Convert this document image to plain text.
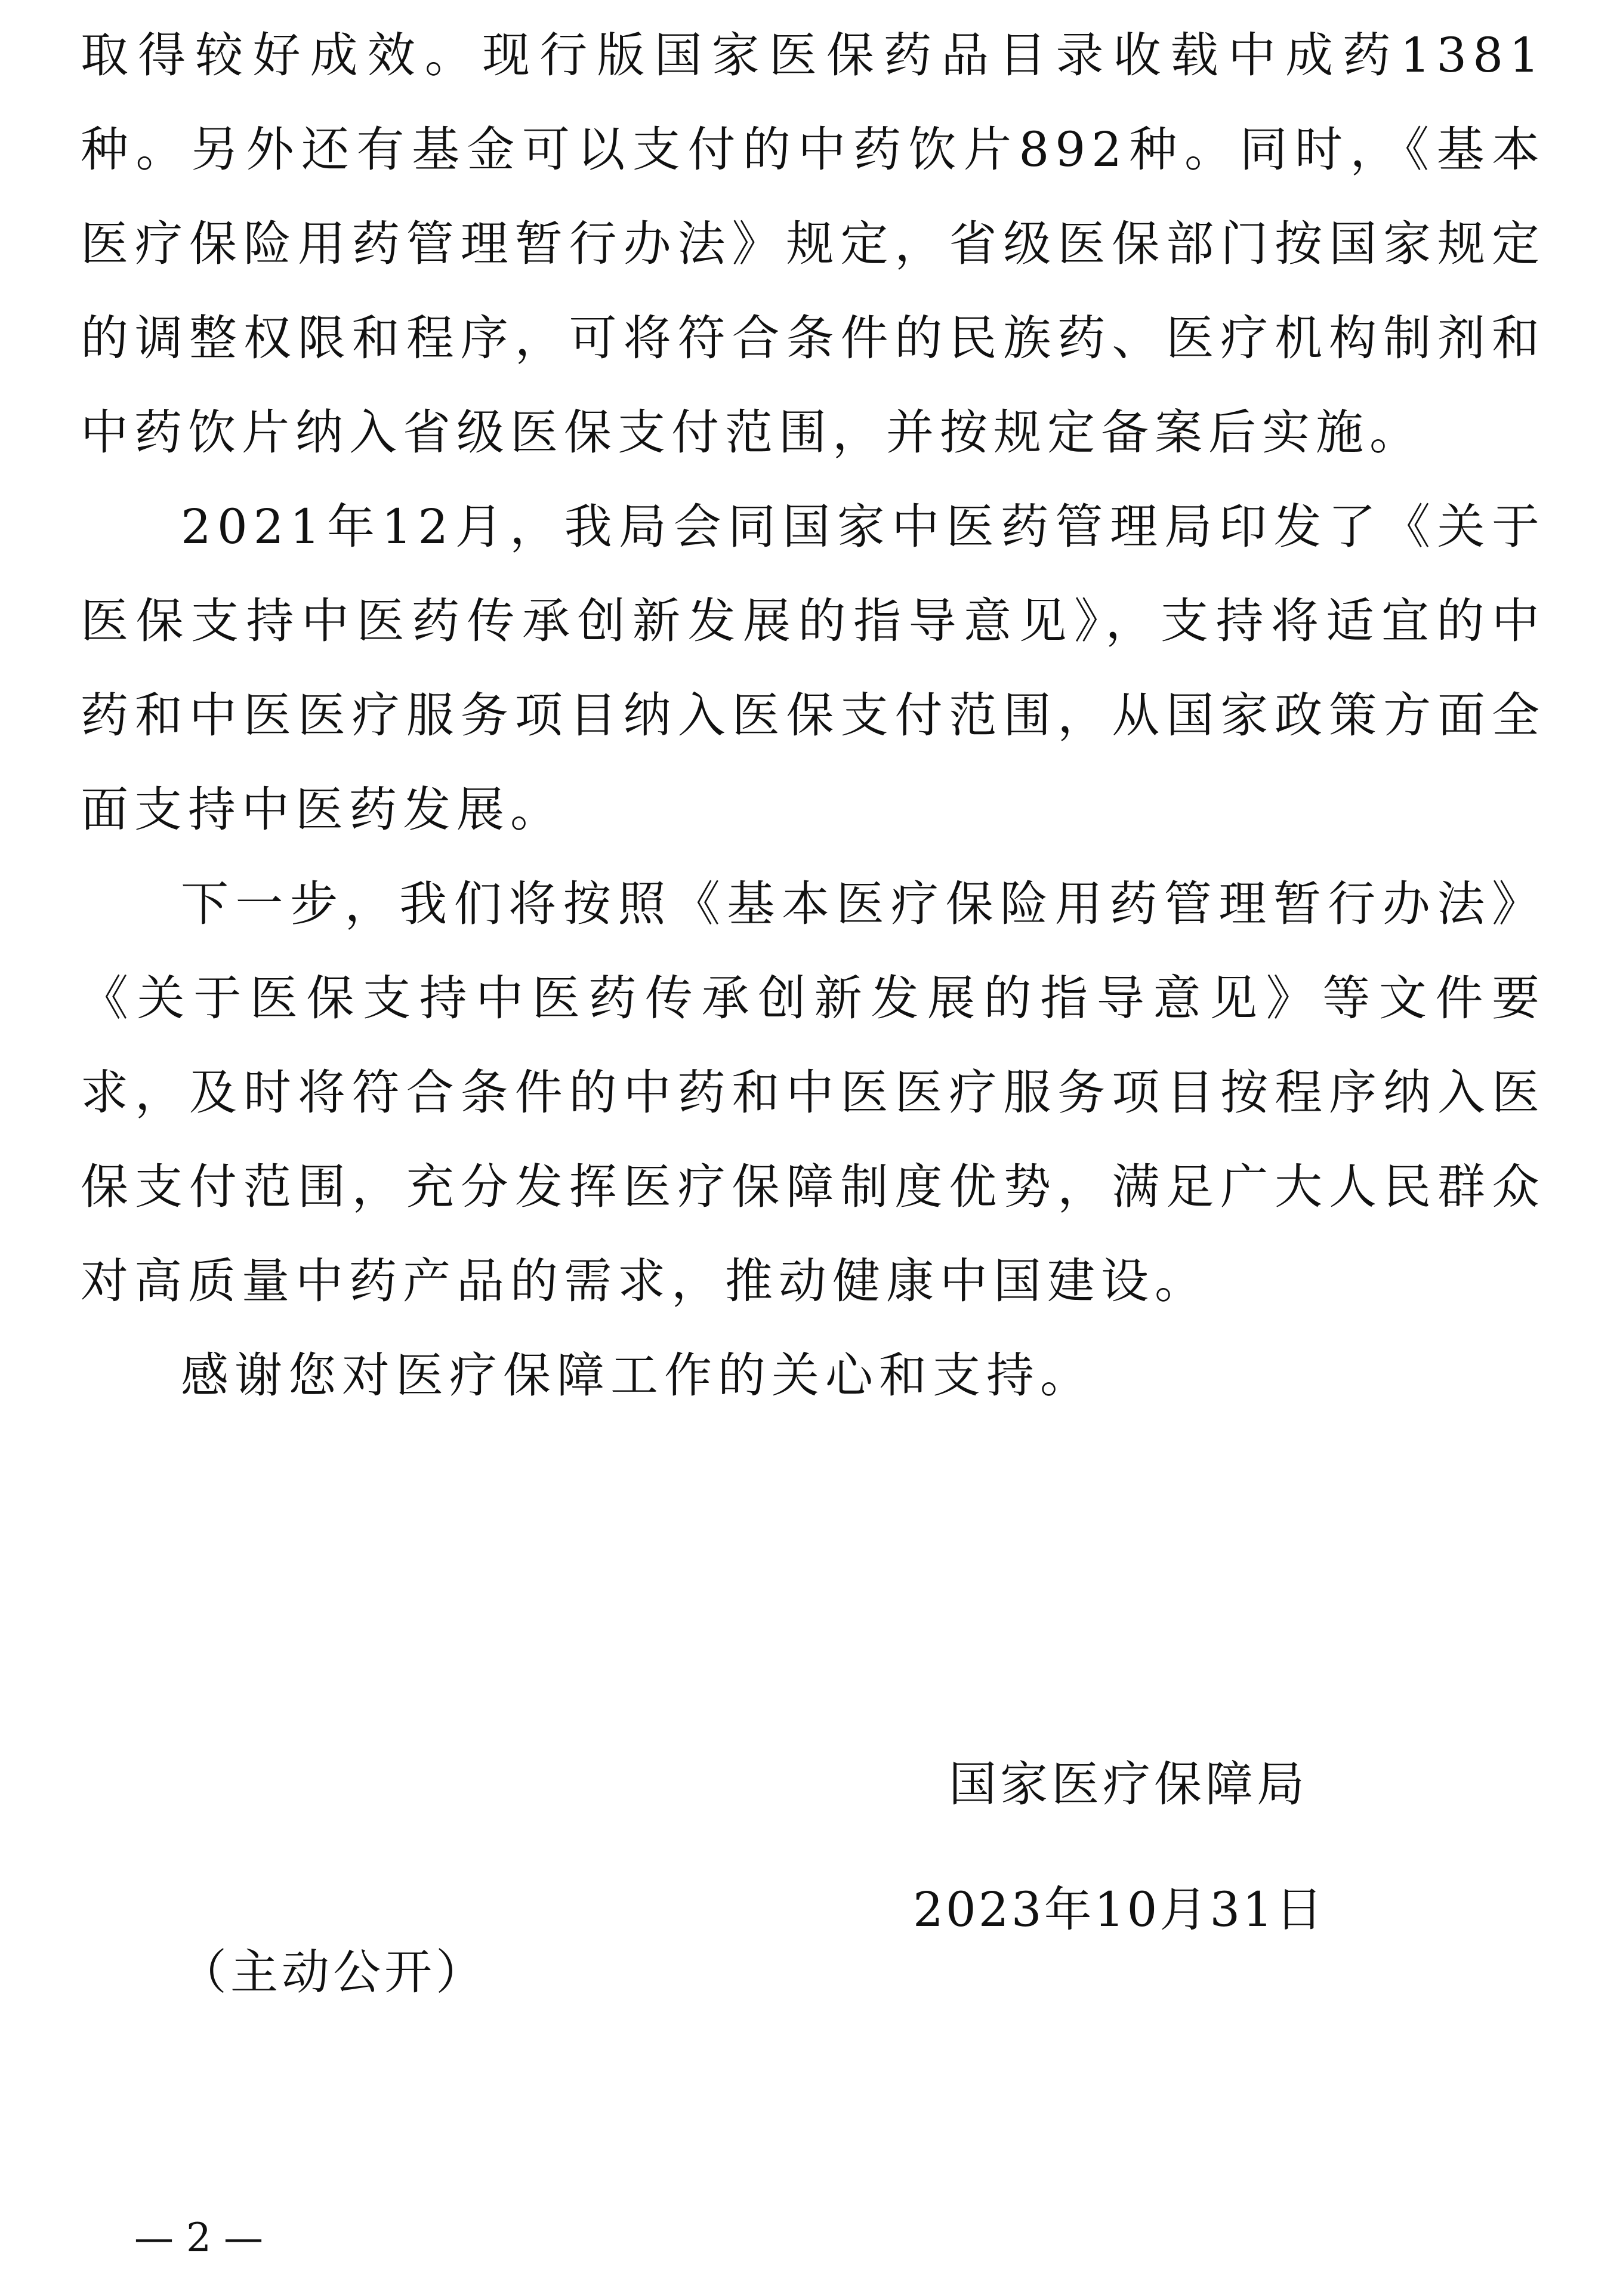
取得较好成效。现行版国家医保药品目录收载中成药1381种。另外还有基金可以支付的中药饮片892种。同时，《基本医疗保险用药管理暂行办法》规定，省级医保部门按国家规定的调整权限和程序，可将符合条件的民族药、医疗机构制剂和中药饮片纳入省级医保支付范围，并按规定备案后实施。

2021年12月，我局会同国家中医药管理局印发了《关于医保支持中医药传承创新发展的指导意见》，支持将适宜的中药和中医医疗服务项目纳入医保支付范围，从国家政策方面全面支持中医药发展。

下一步，我们将按照《基本医疗保险用药管理暂行办法》《关于医保支持中医药传承创新发展的指导意见》等文件要求，及时将符合条件的中药和中医医疗服务项目按程序纳入医保支付范围，充分发挥医疗保障制度优势，满足广大人民群众对高质量中药产品的需求，推动健康中国建设。

感谢您对医疗保障工作的关心和支持。

国家医疗保障局
2023年10月31日
（主动公开）
— 2 —
